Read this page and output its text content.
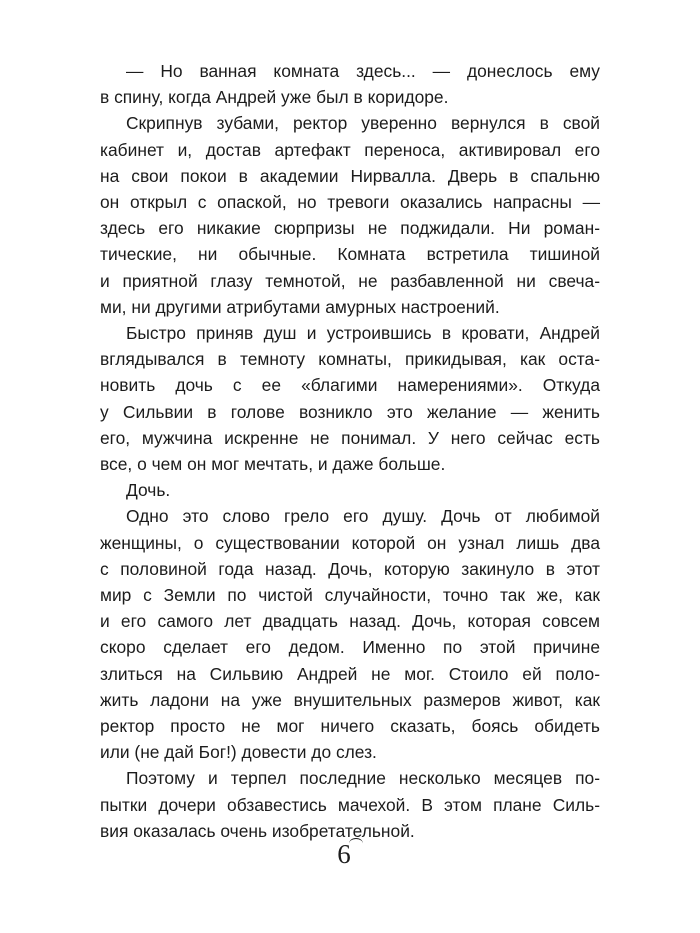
— Но ванная комната здесь... — донеслось ему
в спину, когда Андрей уже был в коридоре.

Скрипнув зубами, ректор уверенно вернулся в свой
кабинет и, достав артефакт переноса, активировал его
на свои покои в академии Нирвалла. Дверь в спальню
он открыл с опаской, но тревоги оказались напрасны —
здесь его никакие сюрпризы не поджидали. Ни роман-
тические, ни обычные. Комната встретила тишиной
и приятной глазу темнотой, не разбавленной ни свеча-
ми, ни другими атрибутами амурных настроений.

Быстро приняв душ и устроившись в кровати, Андрей
вглядывался в темноту комнаты, прикидывая, как оста-
новить дочь с ее «благими намерениями». Откуда
у Сильвии в голове возникло это желание — женить
его, мужчина искренне не понимал. У него сейчас есть
все, о чем он мог мечтать, и даже больше.

Дочь.

Одно это слово грело его душу. Дочь от любимой
женщины, о существовании которой он узнал лишь два
с половиной года назад. Дочь, которую закинуло в этот
мир с Земли по чистой случайности, точно так же, как
и его самого лет двадцать назад. Дочь, которая совсем
скоро сделает его дедом. Именно по этой причине
злиться на Сильвию Андрей не мог. Стоило ей поло-
жить ладони на уже внушительных размеров живот, как
ректор просто не мог ничего сказать, боясь обидеть
или (не дай Бог!) довести до слез.

Поэтому и терпел последние несколько месяцев по-
пытки дочери обзавестись мачехой. В этом плане Силь-
вия оказалась очень изобретательной.

6
